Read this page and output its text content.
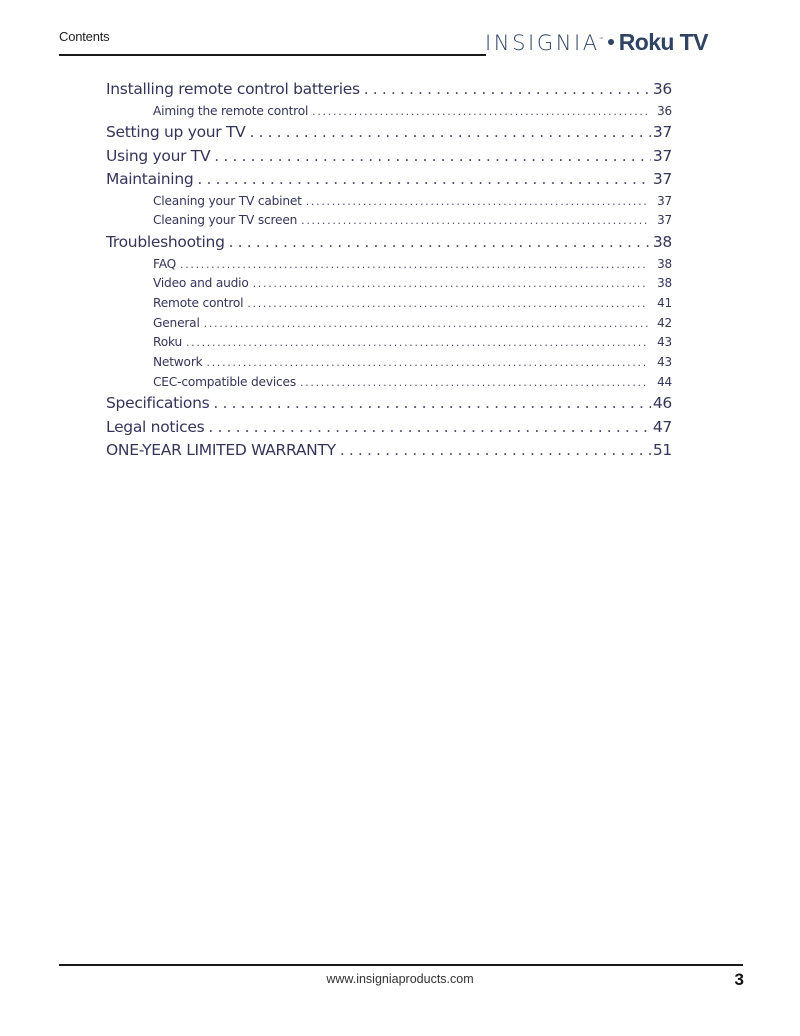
Contents	INSIGNIA ™ Roku TV
Installing remote control batteries . . .	36
Aiming the remote control . . .	36
Setting up your TV . . .	37
Using your TV . . .	37
Maintaining . . .	37
Cleaning your TV cabinet . . .	37
Cleaning your TV screen . . .	37
Troubleshooting . . .	38
FAQ . . .	38
Video and audio . . .	38
Remote control . . .	41
General . . .	42
Roku . . .	43
Network . . .	43
CEC-compatible devices . . .	44
Specifications . . .	46
Legal notices . . .	47
ONE-YEAR LIMITED WARRANTY . . .	51
www.insigniaproducts.com	3
